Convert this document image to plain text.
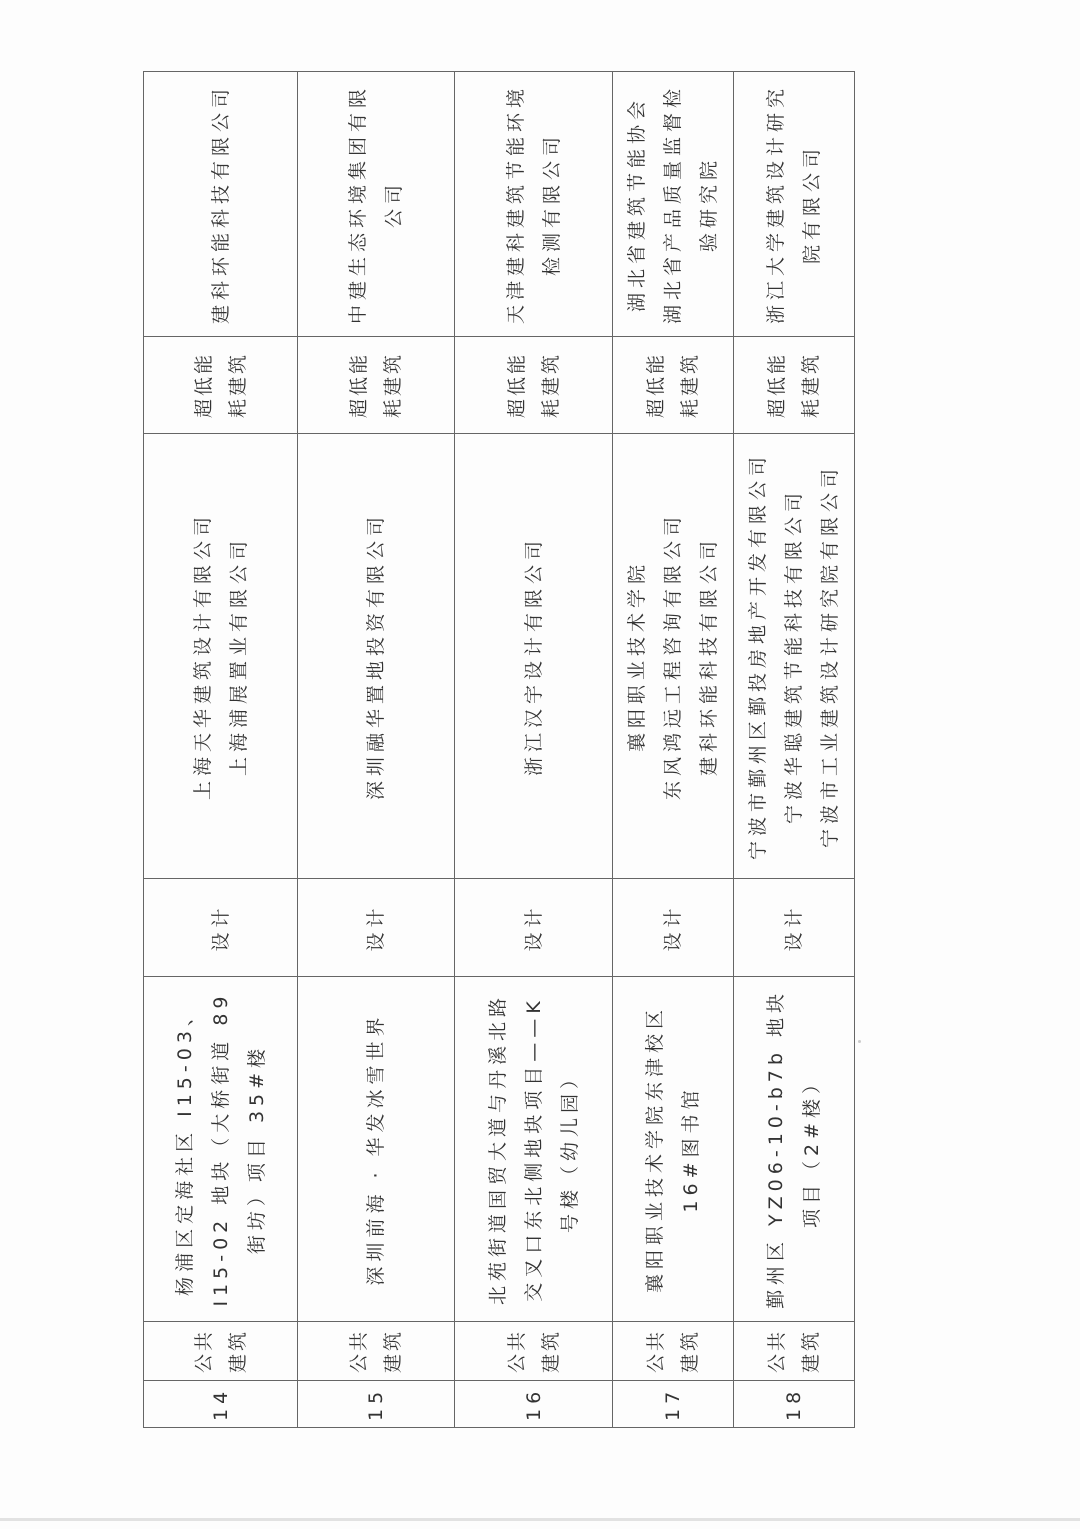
14	公共建筑	杨浦区定海社区 I15-03、I15-02 地块（大桥街道 89 街坊）项目 35#楼	设计	上海天华建筑设计有限公司 上海浦展置业有限公司	超低能耗建筑	建科环能科技有限公司

15	公共建筑	深圳前海 · 华发冰雪世界	设计	深圳融华置地投资有限公司	超低能耗建筑	中建生态环境集团有限公司

16	公共建筑	北苑街道国贸大道与丹溪北路交叉口东北侧地块项目——K 号楼（幼儿园）	设计	浙江汉宇设计有限公司	超低能耗建筑	天津建科建筑节能环境检测有限公司

17	公共建筑	襄阳职业技术学院东津校区 16#图书馆	设计	襄阳职业技术学院 东风鸿远工程咨询有限公司 建科环能科技有限公司	超低能耗建筑	湖北省建筑节能协会 湖北省产品质量监督检验研究院

18	公共建筑	鄞州区 YZ06-10-b7b 地块项目（2#楼）	设计	宁波市鄞州区鄞投房地产开发有限公司 宁波华聪建筑节能科技有限公司 宁波市工业建筑设计研究院有限公司	超低能耗建筑	浙江大学建筑设计研究院有限公司
